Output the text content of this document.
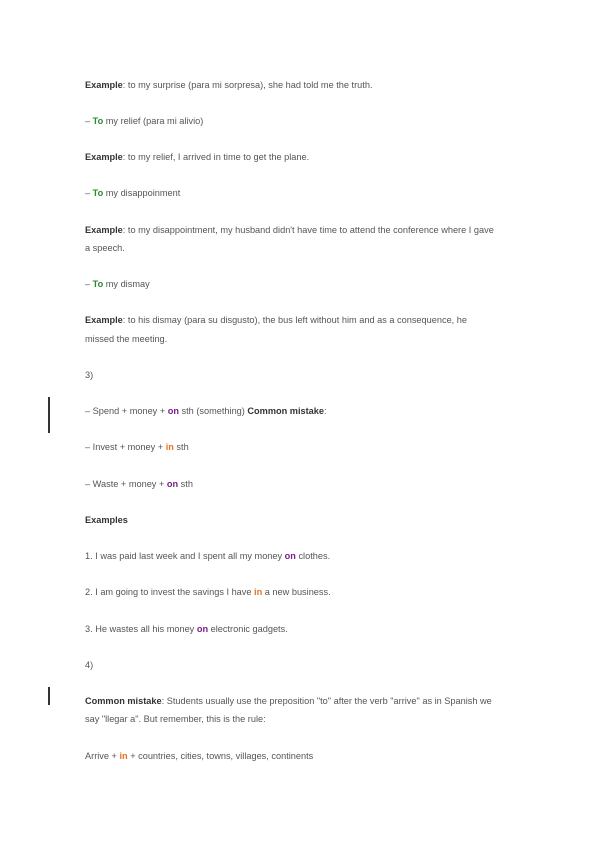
Example: to my surprise (para mi sorpresa), she had told me the truth.
– To my relief (para mi alivio)
Example: to my relief, I arrived in time to get the plane.
– To my disappoinment
Example: to my disappointment, my husband didn't have time to attend the conference where I gave
a speech.
– To my dismay
Example: to his dismay (para su disgusto), the bus left without him and as a consequence, he
missed the meeting.
3)
– Spend + money + on sth (something) Common mistake:
– Invest + money + in sth
– Waste + money + on sth
Examples
1. I was paid last week and I spent all my money on clothes.
2. I am going to invest the savings I have in a new business.
3. He wastes all his money on electronic gadgets.
4)
Common mistake: Students usually use the preposition "to" after the verb "arrive" as in Spanish we
say "llegar a". But remember, this is the rule:
Arrive + in + countries, cities, towns, villages, continents
